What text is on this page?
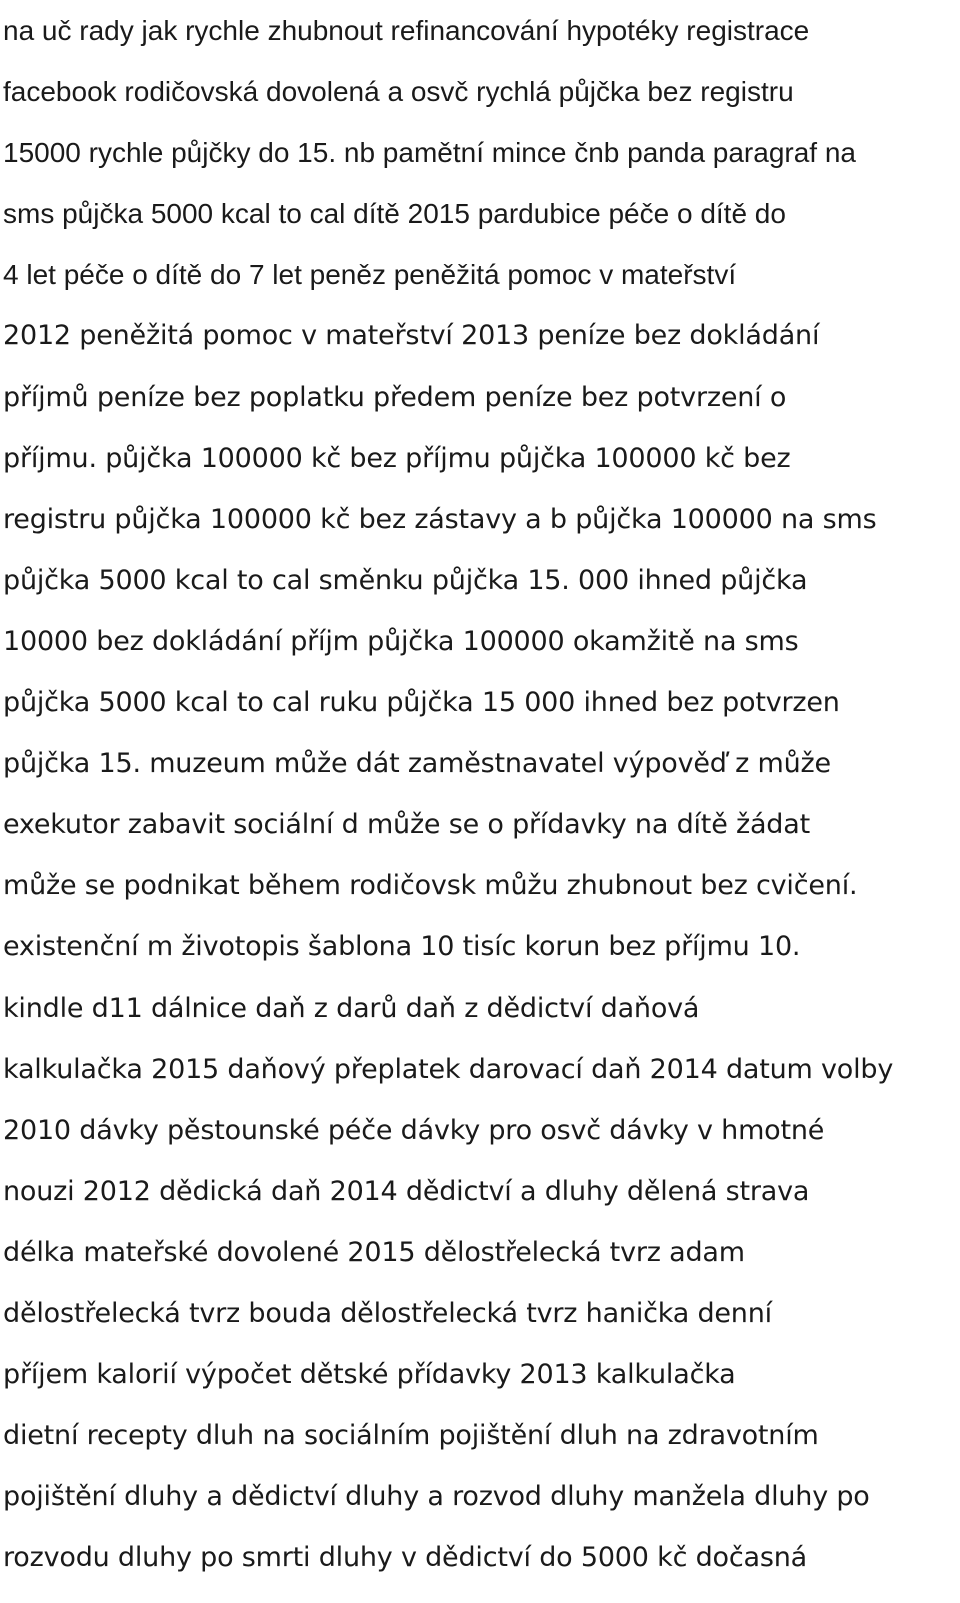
na uč rady jak rychle zhubnout refinancování hypotéky registrace
facebook rodičovská dovolená a osvč rychlá půjčka bez registru
15000 rychle půjčky do 15. nb pamětní mince čnb panda paragraf na
sms půjčka 5000 kcal to cal dítě 2015 pardubice péče o dítě do
4 let péče o dítě do 7 let peněz peněžitá pomoc v mateřství
2012 peněžitá pomoc v mateřství 2013 peníze bez dokládání
příjmů peníze bez poplatku předem peníze bez potvrzení o
příjmu. půjčka 100000 kč bez příjmu půjčka 100000 kč bez
registru půjčka 100000 kč bez zástavy a b půjčka 100000 na sms
půjčka 5000 kcal to cal směnku půjčka 15. 000 ihned půjčka
10000 bez dokládání příjm půjčka 100000 okamžitě na sms
půjčka 5000 kcal to cal ruku půjčka 15 000 ihned bez potvrzen
půjčka 15. muzeum může dát zaměstnavatel výpověď z může
exekutor zabavit sociální d může se o přídavky na dítě žádat
může se podnikat během rodičovsk můžu zhubnout bez cvičení.
existenční m životopis šablona 10 tisíc korun bez příjmu 10.
kindle d11 dálnice daň z darů daň z dědictví daňová
kalkulačka 2015 daňový přeplatek darovací daň 2014 datum volby
2010 dávky pěstounské péče dávky pro osvč dávky v hmotné
nouzi 2012 dědická daň 2014 dědictví a dluhy dělená strava
délka mateřské dovolené 2015 dělostřelecká tvrz adam
dělostřelecká tvrz bouda dělostřelecká tvrz hanička denní
příjem kalorií výpočet dětské přídavky 2013 kalkulačka
dietní recepty dluh na sociálním pojištění dluh na zdravotním
pojištění dluhy a dědictví dluhy a rozvod dluhy manžela dluhy po
rozvodu dluhy po smrti dluhy v dědictví do 5000 kč dočasná
